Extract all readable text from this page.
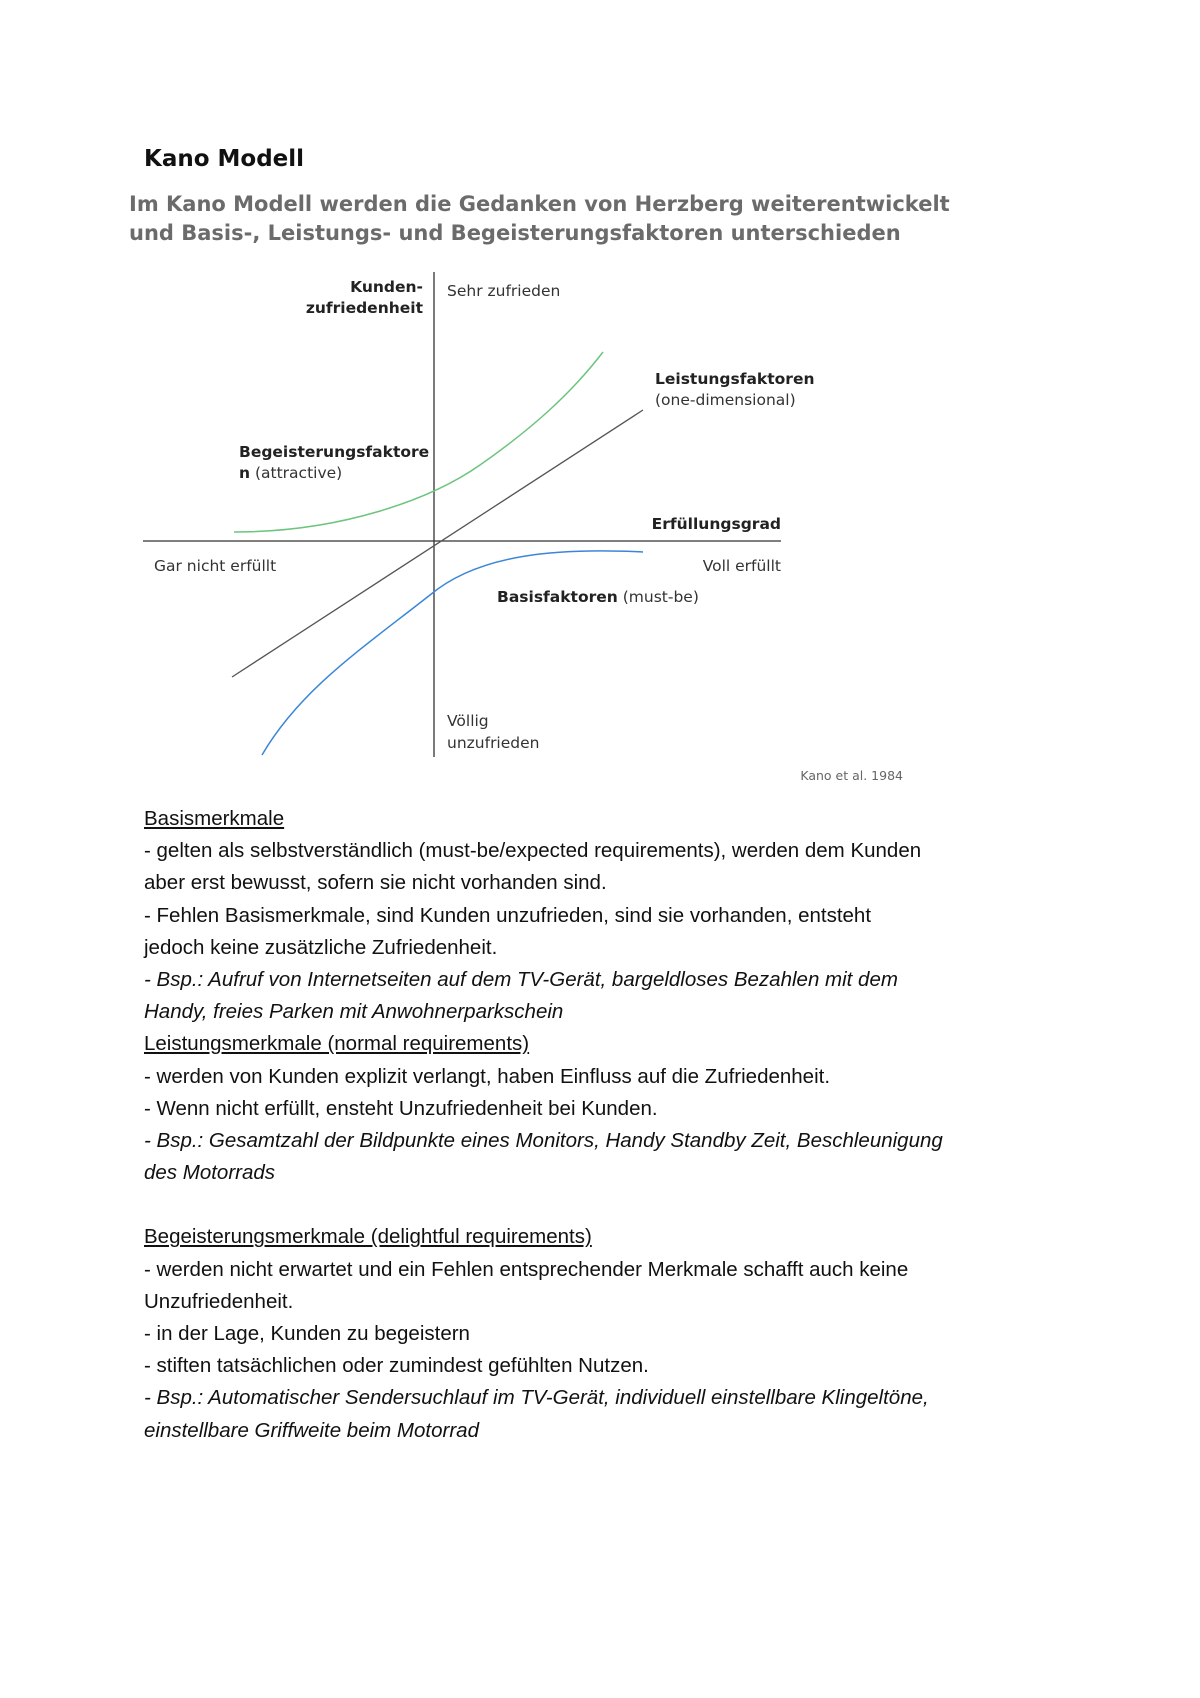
Kano Modell
Im Kano Modell werden die Gedanken von Herzberg weiterentwickelt
und Basis-, Leistungs- und Begeisterungsfaktoren unterschieden
Kunden-
zufriedenheit
Sehr zufrieden
Völlig
unzufrieden
Erfüllungsgrad
Gar nicht erfüllt	Voll erfüllt
Leistungsfaktoren
(one-dimensional)
Begeisterungsfaktore
n (attractive)
Basisfaktoren (must-be)
Kano et al. 1984
Basismerkmale
- gelten als selbstverständlich (must-be/expected requirements), werden dem Kunden
aber erst bewusst, sofern sie nicht vorhanden sind.
- Fehlen Basismerkmale, sind Kunden unzufrieden, sind sie vorhanden, entsteht
jedoch keine zusätzliche Zufriedenheit.
- Bsp.: Aufruf von Internetseiten auf dem TV-Gerät, bargeldloses Bezahlen mit dem
Handy, freies Parken mit Anwohnerparkschein
Leistungsmerkmale (normal requirements)
- werden von Kunden explizit verlangt, haben Einfluss auf die Zufriedenheit.
- Wenn nicht erfüllt, ensteht Unzufriedenheit bei Kunden.
- Bsp.: Gesamtzahl der Bildpunkte eines Monitors, Handy Standby Zeit, Beschleunigung
des Motorrads
Begeisterungsmerkmale (delightful requirements)
- werden nicht erwartet und ein Fehlen entsprechender Merkmale schafft auch keine
Unzufriedenheit.
- in der Lage, Kunden zu begeistern
- stiften tatsächlichen oder zumindest gefühlten Nutzen.
- Bsp.: Automatischer Sendersuchlauf im TV-Gerät, individuell einstellbare Klingeltöne,
einstellbare Griffweite beim Motorrad
